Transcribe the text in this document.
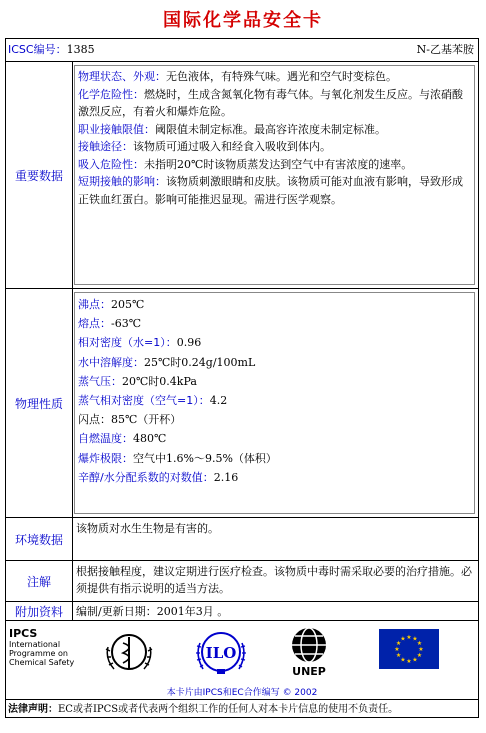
国际化学品安全卡
ICSC编号：1385	N-乙基苯胺
重要数据
物理状态、外观：无色液体，有特殊气味。遇光和空气时变棕色。
化学危险性：燃烧时，生成含氮氧化物有毒气体。与氧化剂发生反应。与浓硝酸激烈反应，有着火和爆炸危险。
职业接触限值：阈限值未制定标准。最高容许浓度未制定标准。
接触途径：该物质可通过吸入和经食入吸收到体内。
吸入危险性：未指明20℃时该物质蒸发达到空气中有害浓度的速率。
短期接触的影响：该物质刺激眼睛和皮肤。该物质可能对血液有影响，导致形成正铁血红蛋白。影响可能推迟显现。需进行医学观察。
物理性质
沸点：205℃
熔点：-63℃
相对密度（水=1）：0.96
水中溶解度：25℃时0.24g/100mL
蒸气压：20℃时0.4kPa
蒸气相对密度（空气=1）：4.2
闪点：85℃（开杯）
自燃温度：480℃
爆炸极限：空气中1.6%～9.5%（体积）
辛醇/水分配系数的对数值：2.16
环境数据
该物质对水生生物是有害的。
注解
根据接触程度，建议定期进行医疗检查。该物质中毒时需采取必要的治疗措施。必须提供有指示说明的适当方法。
附加资料	编制/更新日期：2001年3月 。
IPCS
International
Programme on
Chemical Safety
ILO
UNEP
★ ★
★
★
★
★
★
★
★
★
★
★
本卡片由IPCS和EC合作编写 © 2002
法律声明：EC或者IPCS或者代表两个组织工作的任何人对本卡片信息的使用不负责任。
